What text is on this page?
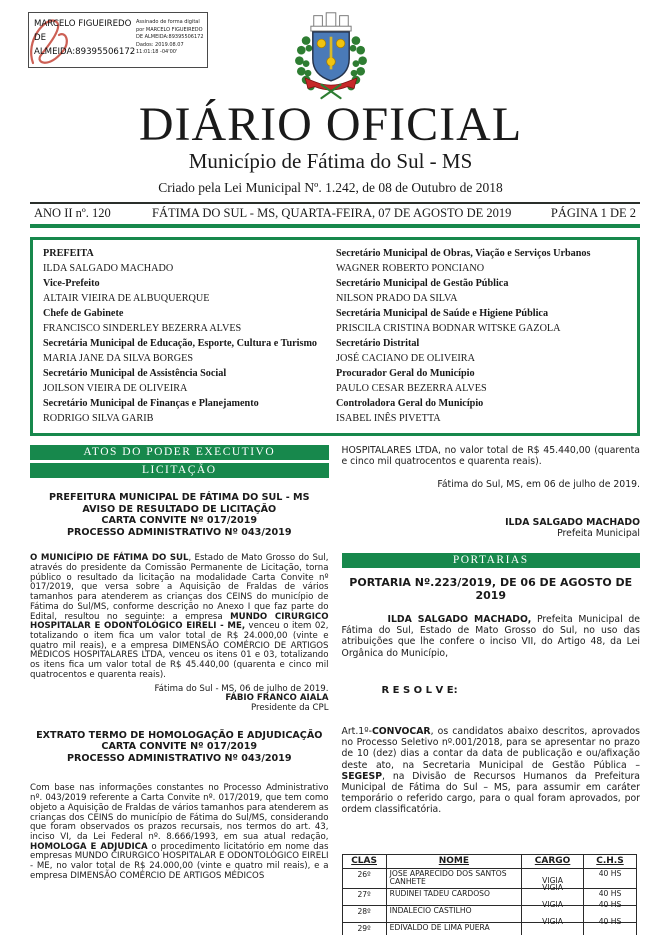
MARCELO FIGUEIREDO DE ALMEIDA:89395506172
Assinado de forma digital por MARCELO FIGUEIREDO DE ALMEIDA:89395506172 Dados: 2019.08.07 11:01:18 -04'00'
DIÁRIO OFICIAL
Município de Fátima do Sul - MS
Criado pela Lei Municipal Nº. 1.242, de 08 de Outubro de 2018
ANO II nº. 120	FÁTIMA DO SUL - MS, QUARTA-FEIRA, 07 DE AGOSTO DE 2019	PÁGINA 1 DE 2
PREFEITA
ILDA SALGADO MACHADO
Vice-Prefeito
ALTAIR VIEIRA DE ALBUQUERQUE
Chefe de Gabinete
FRANCISCO SINDERLEY BEZERRA ALVES
Secretária Municipal de Educação, Esporte, Cultura e Turismo
MARIA JANE DA SILVA BORGES
Secretário Municipal de Assistência Social
JOILSON VIEIRA DE OLIVEIRA
Secretário Municipal de Finanças e Planejamento
RODRIGO SILVA GARIB
Secretário Municipal de Obras, Viação e Serviços Urbanos
WAGNER ROBERTO PONCIANO
Secretário Municipal de Gestão Pública
NILSON PRADO DA SILVA
Secretária Municipal de Saúde e Higiene Pública
PRISCILA CRISTINA BODNAR WITSKE GAZOLA
Secretário Distrital
JOSÉ CACIANO DE OLIVEIRA
Procurador Geral do Município
PAULO CESAR BEZERRA ALVES
Controladora Geral do Município
ISABEL INÊS PIVETTA
ATOS DO PODER EXECUTIVO
LICITAÇÃO
PREFEITURA MUNICIPAL DE FÁTIMA DO SUL - MS
AVISO DE RESULTADO DE LICITAÇÃO
CARTA CONVITE Nº 017/2019
PROCESSO ADMINISTRATIVO Nº 043/2019
O MUNICÍPIO DE FÁTIMA DO SUL, Estado de Mato Grosso do Sul, através do presidente da Comissão Permanente de Licitação, torna público o resultado da licitação na modalidade Carta Convite nº 017/2019, que versa sobre a Aquisição de Fraldas de vários tamanhos para atenderem as crianças dos CEINS do município de Fátima do Sul/MS, conforme descrição no Anexo I que faz parte do Edital, resultou no seguinte: a empresa MUNDO CIRURGICO HOSPITALAR E ODONTOLÓGICO EIRELI - ME, venceu o item 02, totalizando o item fica um valor total de R$ 24.000,00 (vinte e quatro mil reais), e a empresa DIMENSÃO COMÉRCIO DE ARTIGOS MÉDICOS HOSPITALARES LTDA, venceu os itens 01 e 03, totalizando os itens fica um valor total de R$ 45.440,00 (quarenta e cinco mil quatrocentos e quarenta reais).
Fátima do Sul - MS, 06 de julho de 2019.
FÁBIO FRANCO AIALA
Presidente da CPL
EXTRATO TERMO DE HOMOLOGAÇÃO E ADJUDICAÇÃO
CARTA CONVITE Nº 017/2019
PROCESSO ADMINISTRATIVO Nº 043/2019
Com base nas informações constantes no Processo Administrativo nº. 043/2019 referente a Carta Convite nº. 017/2019, que tem como objeto a Aquisição de Fraldas de vários tamanhos para atenderem as crianças dos CEINS do município de Fátima do Sul/MS, considerando que foram observados os prazos recursais, nos termos do art. 43, inciso VI, da Lei Federal nº. 8.666/1993, em sua atual redação, HOMOLOGA E ADJUDICA o procedimento licitatório em nome das empresas MUNDO CIRURGICO HOSPITALAR E ODONTOLÓGICO EIRELI - ME, no valor total de R$ 24.000,00 (vinte e quatro mil reais), e a empresa DIMENSÃO COMÉRCIO DE ARTIGOS MÉDICOS
HOSPITALARES LTDA, no valor total de R$ 45.440,00 (quarenta e cinco mil quatrocentos e quarenta reais).
Fátima do Sul, MS, em 06 de julho de 2019.
ILDA SALGADO MACHADO
Prefeita Municipal
PORTARIAS
PORTARIA Nº.223/2019, DE 06 DE AGOSTO DE 2019
ILDA SALGADO MACHADO, Prefeita Municipal de Fátima do Sul, Estado de Mato Grosso do Sul, no uso das atribuições que lhe confere o inciso VII, do Artigo 48, da Lei Orgânica do Município,
R E S O L V E:
Art.1º-CONVOCAR, os candidatos abaixo descritos, aprovados no Processo Seletivo nº.001/2018, para se apresentar no prazo de 10 (dez) dias a contar da data de publicação e ou/afixação deste ato, na Secretaria Municipal de Gestão Pública – SEGESP, na Divisão de Recursos Humanos da Prefeitura Municipal de Fátima do Sul – MS, para assumir em caráter temporário o referido cargo, para o qual foram aprovados, por ordem classificatória.
CLAS	NOME	CARGO	C.H.S
26º	JOSE APARECIDO DOS SANTOS CANHETE	VIGIA	40 HS
27º	RUDINEI TADEU CARDOSO	VIGIA	40 HS
28º	INDALECIO CASTILHO	VIGIA	40 HS
29º	EDIVALDO DE LIMA PUERA	VIGIA	40 HS
